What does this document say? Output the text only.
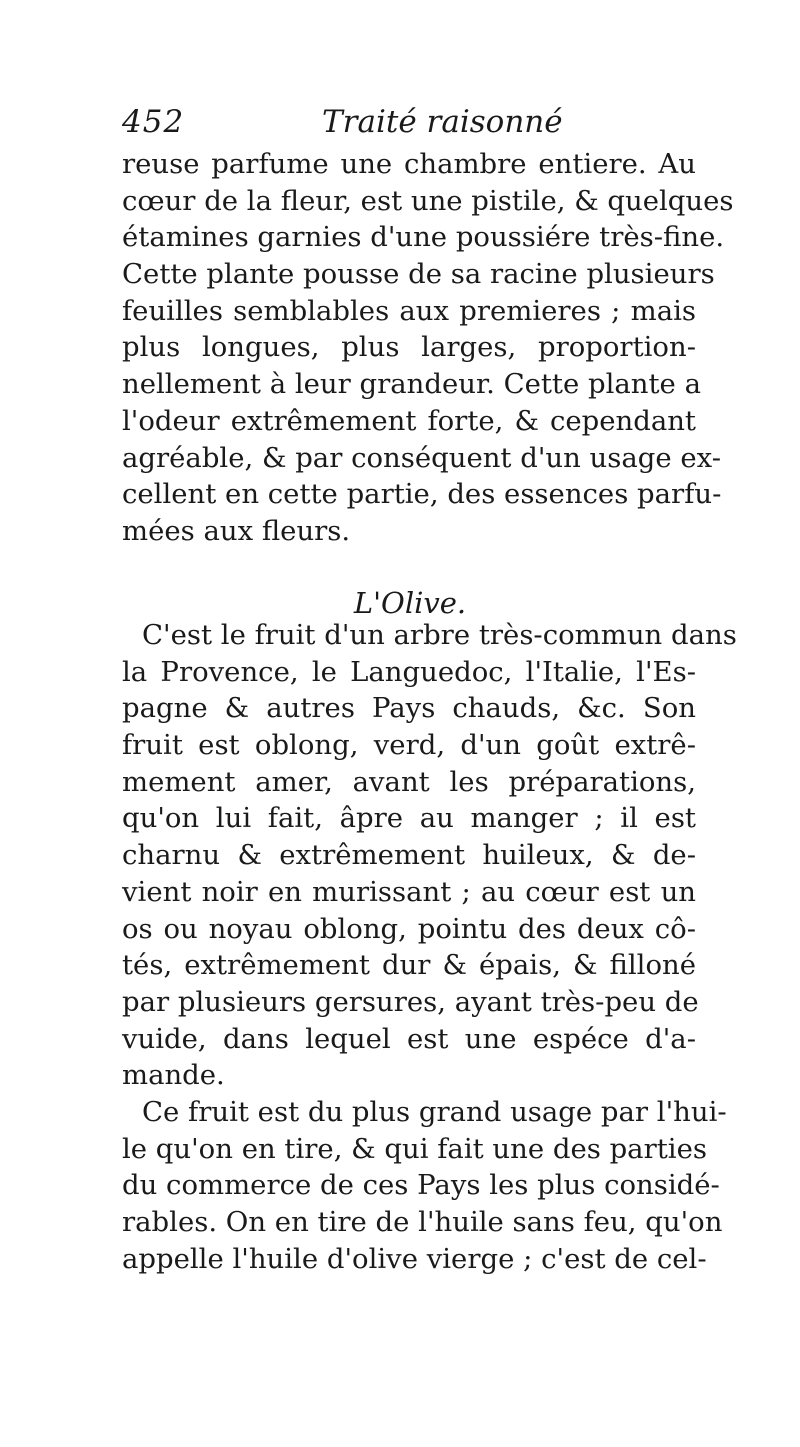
452	Traité raisonné
reuse parfume une chambre entiere. Au
cœur de la fleur, est une pistile, & quelques
étamines garnies d'une poussiére très-fine.
Cette plante pousse de sa racine plusieurs
feuilles semblables aux premieres ; mais
plus longues, plus larges, proportion-
nellement à leur grandeur. Cette plante a
l'odeur extrêmement forte, & cependant
agréable, & par conséquent d'un usage ex-
cellent en cette partie, des essences parfu-
mées aux fleurs.
L'Olive.
C'est le fruit d'un arbre très-commun dans
la Provence, le Languedoc, l'Italie, l'Es-
pagne & autres Pays chauds, &c. Son
fruit est oblong, verd, d'un goût extrê-
mement amer, avant les préparations,
qu'on lui fait, âpre au manger ; il est
charnu & extrêmement huileux, & de-
vient noir en murissant ; au cœur est un
os ou noyau oblong, pointu des deux cô-
tés, extrêmement dur & épais, & filloné
par plusieurs gersures, ayant très-peu de
vuide, dans lequel est une espéce d'a-
mande.
Ce fruit est du plus grand usage par l'hui-
le qu'on en tire, & qui fait une des parties
du commerce de ces Pays les plus considé-
rables. On en tire de l'huile sans feu, qu'on
appelle l'huile d'olive vierge ; c'est de cel-
